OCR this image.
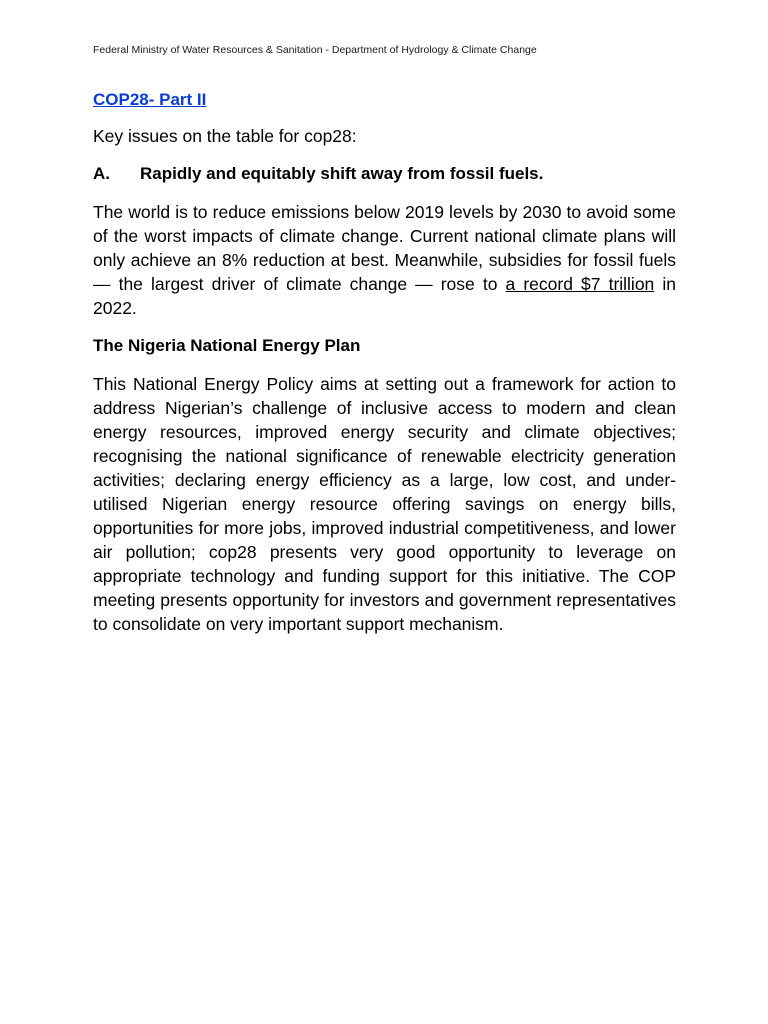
Federal Ministry of Water Resources & Sanitation - Department of Hydrology & Climate Change
COP28- Part II

Key issues on the table for cop28:

A.	Rapidly and equitably shift away from fossil fuels.

The world is to reduce emissions below 2019 levels by 2030 to avoid some of the worst impacts of climate change. Current national climate plans will only achieve an 8% reduction at best. Meanwhile, subsidies for fossil fuels — the largest driver of climate change — rose to a record $7 trillion in 2022.

The Nigeria National Energy Plan

This National Energy Policy aims at setting out a framework for action to address Nigerian’s challenge of inclusive access to modern and clean energy resources, improved energy security and climate objectives; recognising the national significance of renewable electricity generation activities; declaring energy efficiency as a large, low cost, and under-utilised Nigerian energy resource offering savings on energy bills, opportunities for more jobs, improved industrial competitiveness, and lower air pollution; cop28 presents very good opportunity to leverage on appropriate technology and funding support for this initiative. The COP meeting presents opportunity for investors and government representatives to consolidate on very important support mechanism.
